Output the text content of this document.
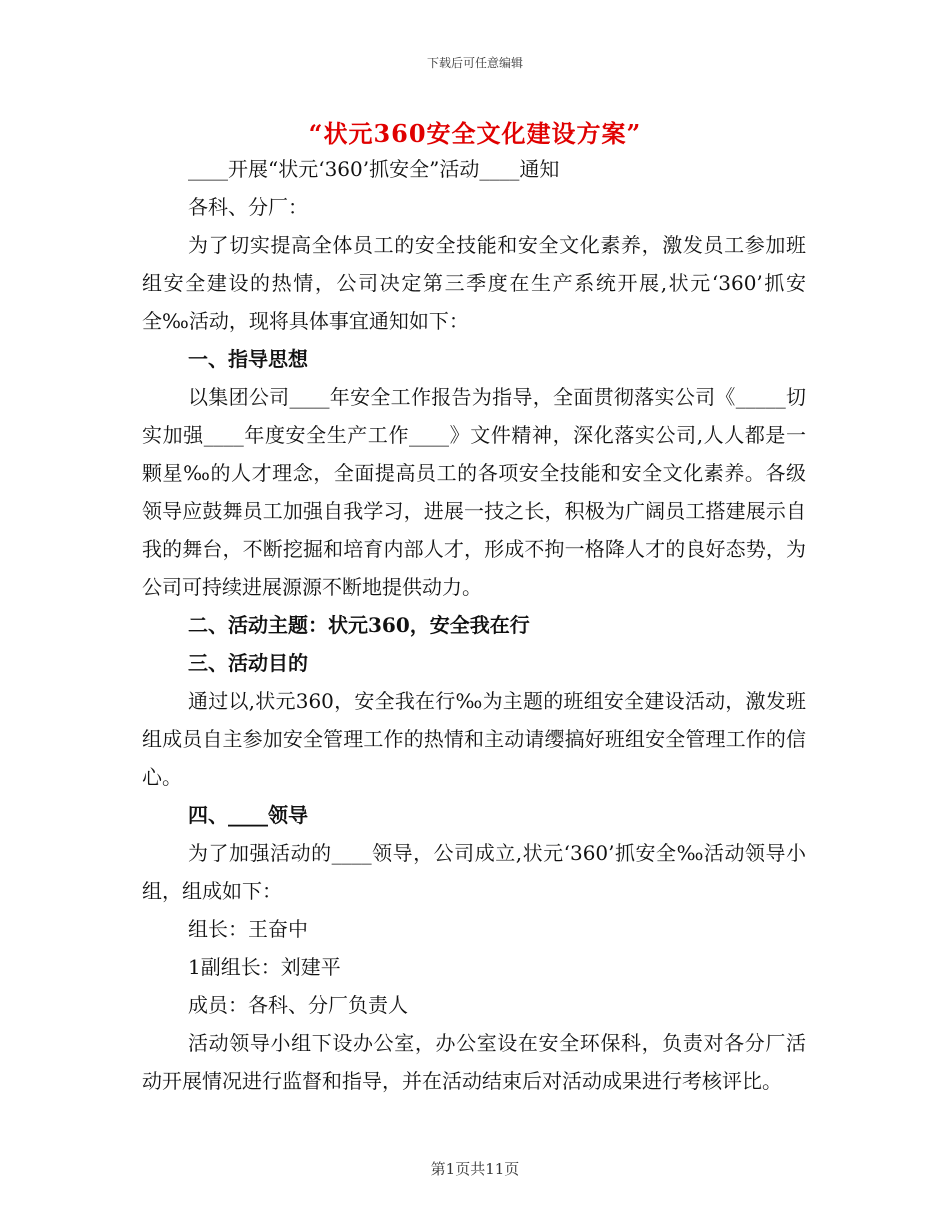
下载后可任意编辑
“状元360安全文化建设方案”

____开展“状元‘360’抓安全”活动____通知

各科、分厂：

为了切实提高全体员工的安全技能和安全文化素养，激发员工参加班组安全建设的热情，公司决定第三季度在生产系统开展,状元‘360’抓安全‰活动，现将具体事宜通知如下：

一、指导思想

以集团公司____年安全工作报告为指导，全面贯彻落实公司《_____切实加强____年度安全生产工作____》文件精神，深化落实公司,人人都是一颗星‰的人才理念，全面提高员工的各项安全技能和安全文化素养。各级领导应鼓舞员工加强自我学习，进展一技之长，积极为广阔员工搭建展示自我的舞台，不断挖掘和培育内部人才，形成不拘一格降人才的良好态势，为公司可持续进展源源不断地提供动力。

二、活动主题：状元360，安全我在行

三、活动目的

通过以,状元360，安全我在行‰为主题的班组安全建设活动，激发班组成员自主参加安全管理工作的热情和主动请缨搞好班组安全管理工作的信心。

四、____领导

为了加强活动的____领导，公司成立,状元‘360’抓安全‰活动领导小组，组成如下：

组长：王奋中

1副组长：刘建平

成员：各科、分厂负责人

活动领导小组下设办公室，办公室设在安全环保科，负责对各分厂活动开展情况进行监督和指导，并在活动结束后对活动成果进行考核评比。

第1页共11页
